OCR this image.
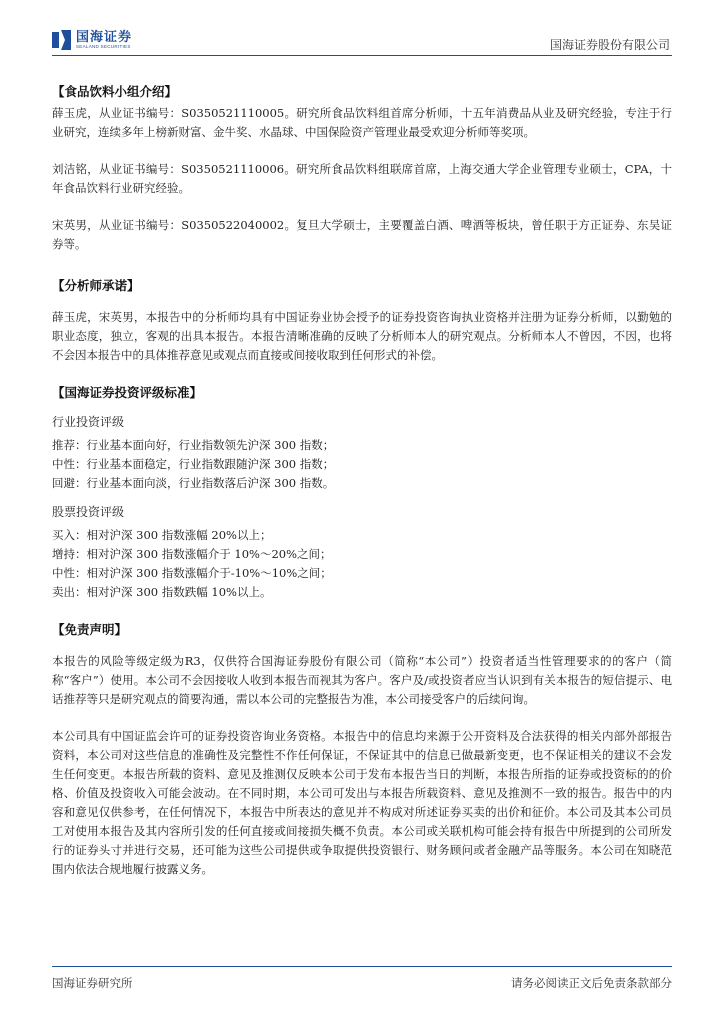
国海证券
SEALAND SECURITIES	国海证券股份有限公司
【食品饮料小组介绍】

薛玉虎，从业证书编号：S0350521110005。研究所食品饮料组首席分析师，十五年消费品从业及研究经验，专注于行业研究，连续多年上榜新财富、金牛奖、水晶球、中国保险资产管理业最受欢迎分析师等奖项。

刘洁铭，从业证书编号：S0350521110006。研究所食品饮料组联席首席，上海交通大学企业管理专业硕士，CPA，十年食品饮料行业研究经验。

宋英男，从业证书编号：S0350522040002。复旦大学硕士，主要覆盖白酒、啤酒等板块，曾任职于方正证券、东吴证券等。

【分析师承诺】

薛玉虎，宋英男，本报告中的分析师均具有中国证券业协会授予的证券投资咨询执业资格并注册为证券分析师，以勤勉的职业态度，独立，客观的出具本报告。本报告清晰准确的反映了分析师本人的研究观点。分析师本人不曾因，不因，也将不会因本报告中的具体推荐意见或观点而直接或间接收取到任何形式的补偿。

【国海证券投资评级标准】

行业投资评级

推荐：行业基本面向好，行业指数领先沪深 300 指数；

中性：行业基本面稳定，行业指数跟随沪深 300 指数；

回避：行业基本面向淡，行业指数落后沪深 300 指数。

股票投资评级

买入：相对沪深 300 指数涨幅 20%以上；

增持：相对沪深 300 指数涨幅介于 10%～20%之间；

中性：相对沪深 300 指数涨幅介于-10%～10%之间；

卖出：相对沪深 300 指数跌幅 10%以上。

【免责声明】

本报告的风险等级定级为R3，仅供符合国海证券股份有限公司（简称“本公司”）投资者适当性管理要求的的客户（简称“客户”）使用。本公司不会因接收人收到本报告而视其为客户。客户及/或投资者应当认识到有关本报告的短信提示、电话推荐等只是研究观点的简要沟通，需以本公司的完整报告为准，本公司接受客户的后续问询。

本公司具有中国证监会许可的证券投资咨询业务资格。本报告中的信息均来源于公开资料及合法获得的相关内部外部报告资料，本公司对这些信息的准确性及完整性不作任何保证，不保证其中的信息已做最新变更，也不保证相关的建议不会发生任何变更。本报告所载的资料、意见及推测仅反映本公司于发布本报告当日的判断，本报告所指的证券或投资标的的价格、价值及投资收入可能会波动。在不同时期，本公司可发出与本报告所载资料、意见及推测不一致的报告。报告中的内容和意见仅供参考，在任何情况下，本报告中所表达的意见并不构成对所述证券买卖的出价和征价。本公司及其本公司员工对使用本报告及其内容所引发的任何直接或间接损失概不负责。本公司或关联机构可能会持有报告中所提到的公司所发行的证券头寸并进行交易，还可能为这些公司提供或争取提供投资银行、财务顾问或者金融产品等服务。本公司在知晓范围内依法合规地履行披露义务。

国海证券研究所	请务必阅读正文后免责条款部分
